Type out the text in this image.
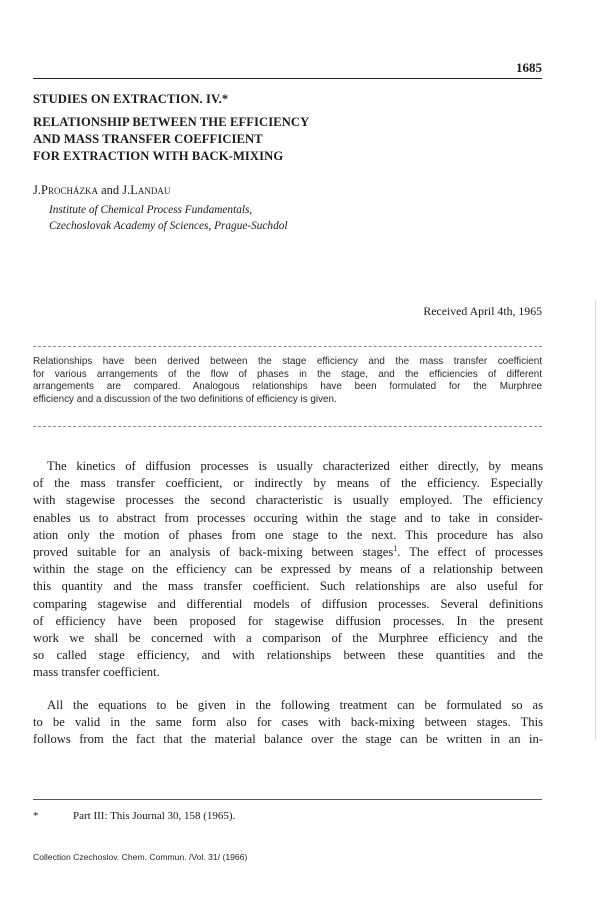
1685
STUDIES ON EXTRACTION. IV.*
RELATIONSHIP BETWEEN THE EFFICIENCY
AND MASS TRANSFER COEFFICIENT
FOR EXTRACTION WITH BACK-MIXING
J.Procházka and J.Landau
Institute of Chemical Process Fundamentals,
Czechoslovak Academy of Sciences, Prague-Suchdol
Received April 4th, 1965
Relationships have been derived between the stage efficiency and the mass transfer coefficient
for various arrangements of the flow of phases in the stage, and the efficiencies of different
arrangements are compared. Analogous relationships have been formulated for the Murphree
efficiency and a discussion of the two definitions of efficiency is given.
The kinetics of diffusion processes is usually characterized either directly, by means
of the mass transfer coefficient, or indirectly by means of the efficiency. Especially
with stagewise processes the second characteristic is usually employed. The efficiency
enables us to abstract from processes occuring within the stage and to take in consider-
ation only the motion of phases from one stage to the next. This procedure has also
proved suitable for an analysis of back-mixing between stages$^1$. The effect of processes
within the stage on the efficiency can be expressed by means of a relationship between
this quantity and the mass transfer coefficient. Such relationships are also useful for
comparing stagewise and differential models of diffusion processes. Several definitions
of efficiency have been proposed for stagewise diffusion processes. In the present
work we shall be concerned with a comparison of the Murphree efficiency and the
so called stage efficiency, and with relationships between these quantities and the
mass transfer coefficient.
All the equations to be given in the following treatment can be formulated so as
to be valid in the same form also for cases with back-mixing between stages. This
follows from the fact that the material balance over the stage can be written in an in-
*	Part III: This Journal 30, 158 (1965).
Collection Czechoslov. Chem. Commun. /Vol. 31/ (1966)
